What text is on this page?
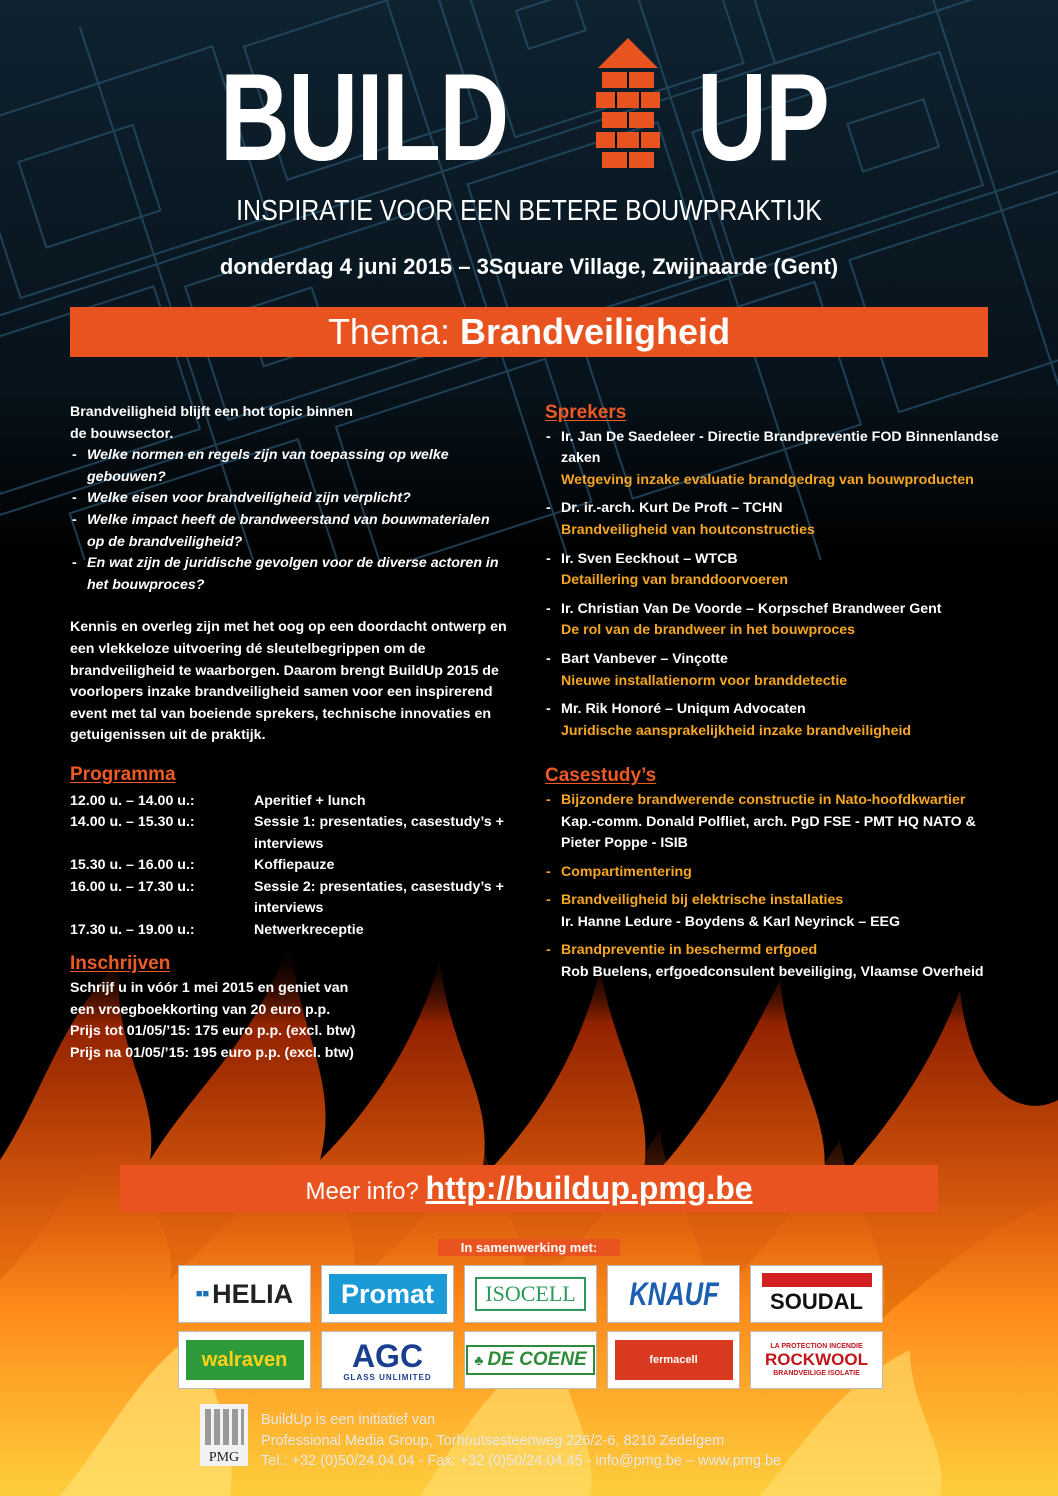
BUILD UP
INSPIRATIE VOOR EEN BETERE BOUWPRAKTIJK
donderdag 4 juni 2015 – 3Square Village, Zwijnaarde (Gent)
Thema: Brandveiligheid

Brandveiligheid blijft een hot topic binnen

de bouwsector.

- Welke normen en regels zijn van toepassing op welke gebouwen?
- Welke eisen voor brandveiligheid zijn verplicht?
- Welke impact heeft de brandweerstand van bouwmaterialen op de brandveiligheid?
- En wat zijn de juridische gevolgen voor de diverse actoren in het bouwproces?

Kennis en overleg zijn met het oog op een doordacht ontwerp en een vlekkeloze uitvoering dé sleutelbegrippen om de brandveiligheid te waarborgen. Daarom brengt BuildUp 2015 de voorlopers inzake brandveiligheid samen voor een inspirerend event met tal van boeiende sprekers, technische innovaties en getuigenissen uit de praktijk.

Programma
12.00 u. – 14.00 u.:	Aperitief + lunch
14.00 u. – 15.30 u.:	Sessie 1: presentaties, casestudy’s + interviews
15.30 u. – 16.00 u.:	Koffiepauze
16.00 u. – 17.30 u.:	Sessie 2: presentaties, casestudy’s + interviews
17.30 u. – 19.00 u.:	Netwerkreceptie
Inschrijven

Schrijf u in vóór 1 mei 2015 en geniet van

een vroegboekkorting van 20 euro p.p.

Prijs tot 01/05/’15: 175 euro p.p. (excl. btw)

Prijs na 01/05/’15: 195 euro p.p. (excl. btw)

Sprekers
- Ir. Jan De Saedeleer - Directie Brandpreventie FOD Binnenlandse zaken
Wetgeving inzake evaluatie brandgedrag van bouwproducten
- Dr. ir.-arch. Kurt De Proft – TCHN
Brandveiligheid van houtconstructies
- Ir. Sven Eeckhout – WTCB
Detaillering van branddoorvoeren
- Ir. Christian Van De Voorde – Korpschef Brandweer Gent
De rol van de brandweer in het bouwproces
- Bart Vanbever – Vinçotte
Nieuwe installatienorm voor branddetectie
- Mr. Rik Honoré – Uniqum Advocaten
Juridische aansprakelijkheid inzake brandveiligheid
Casestudy’s
- Bijzondere brandwerende constructie in Nato-hoofdkwartier
Kap.-comm. Donald Polfliet, arch. PgD FSE - PMT HQ NATO & Pieter Poppe - ISIB
- Compartimentering
- Brandveiligheid bij elektrische installaties
Ir. Hanne Ledure - Boydens & Karl Neyrinck – EEG
- Brandpreventie in beschermd erfgoed
Rob Buelens, erfgoedconsulent beveiliging, Vlaamse Overheid
Meer info? http://buildup.pmg.be
In samenwerking met:
■■ HELIA Promat	ISOCELL	KNAUF SOUDAL
walraven AGC
GLASS UNLIMITED
♣ DE COENE	fermacell
LA PROTECTION INCENDIE
ROCKWOOL
BRANDVEILIGE ISOLATIE
PMG
BuildUp is een initiatief van
Professional Media Group, Torhoutsesteenweg 226/2-6, 8210 Zedelgem
Tel.: +32 (0)50/24.04.04 - Fax: +32 (0)50/24.04.45 - info@pmg.be – www.pmg.be
